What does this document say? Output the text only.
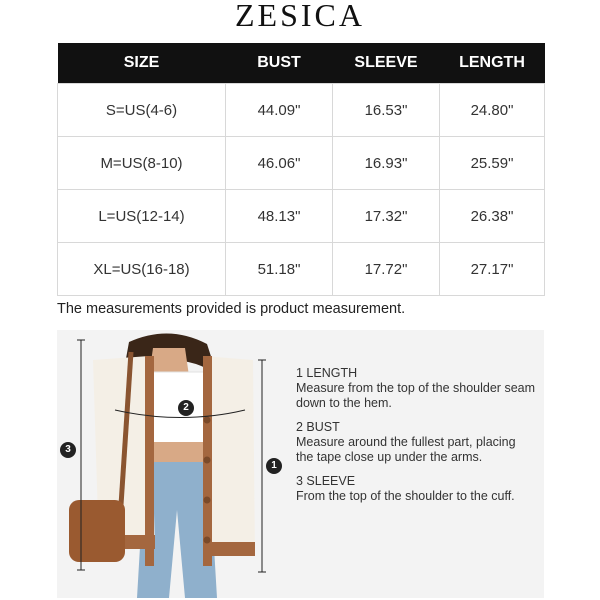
ZESICA
SIZE	BUST	SLEEVE	LENGTH
S=US(4-6)	44.09"	16.53"	24.80"
M=US(8-10)	46.06"	16.93"	25.59"
L=US(12-14)	48.13"	17.32"	26.38"
XL=US(16-18)	51.18"	17.72"	27.17"
The measurements provided is product measurement.
3
2
1
1 LENGTH
Measure from the top of the shoulder seam down to the hem.
2 BUST
Measure around the fullest part, placing the tape close up under the arms.
3 SLEEVE
From the top of the shoulder to the cuff.
